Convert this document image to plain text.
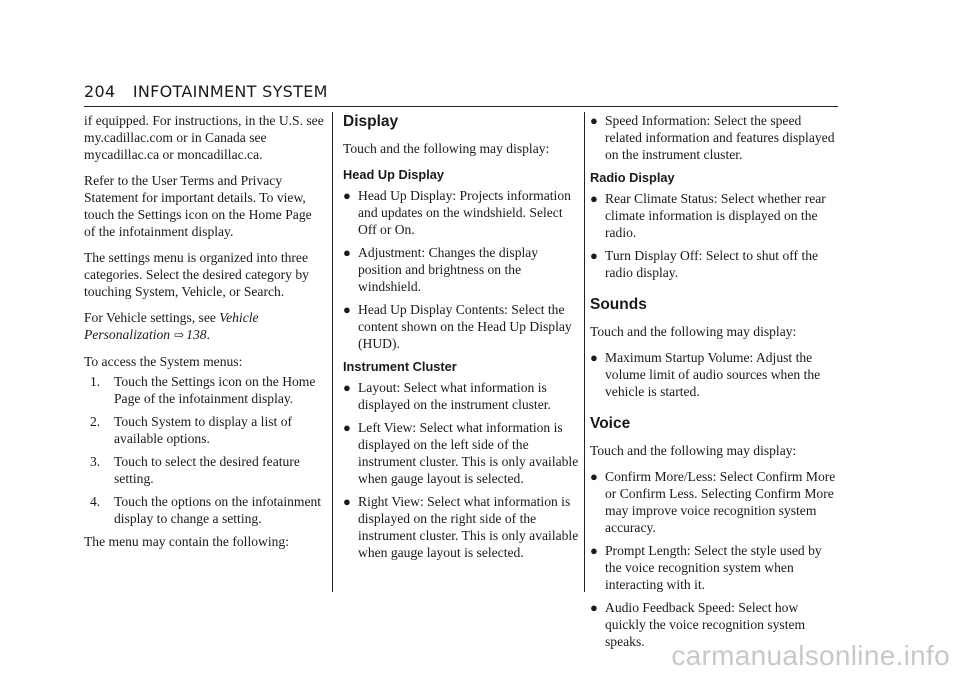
204 INFOTAINMENT SYSTEM

if equipped. For instructions, in the U.S. see my.cadillac.com or in Canada see mycadillac.ca or moncadillac.ca.

Refer to the User Terms and Privacy Statement for important details. To view, touch the Settings icon on the Home Page of the infotainment display.

The settings menu is organized into three categories. Select the desired category by touching System, Vehicle, or Search.

For Vehicle settings, see Vehicle Personalization ⇨ 138.

To access the System menus:

1. Touch the Settings icon on the Home Page of the infotainment display.
2. Touch System to display a list of available options.
3. Touch to select the desired feature setting.
4. Touch the options on the infotainment display to change a setting.

The menu may contain the following:

Display

Touch and the following may display:

Head Up Display
● Head Up Display: Projects information and updates on the windshield. Select Off or On.
● Adjustment: Changes the display position and brightness on the windshield.
● Head Up Display Contents: Select the content shown on the Head Up Display (HUD).
Instrument Cluster
● Layout: Select what information is displayed on the instrument cluster.
● Left View: Select what information is displayed on the left side of the instrument cluster. This is only available when gauge layout is selected.
● Right View: Select what information is displayed on the right side of the instrument cluster. This is only available when gauge layout is selected.
● Speed Information: Select the speed related information and features displayed on the instrument cluster.
Radio Display
● Rear Climate Status: Select whether rear climate information is displayed on the radio.
● Turn Display Off: Select to shut off the radio display.
Sounds

Touch and the following may display:

● Maximum Startup Volume: Adjust the volume limit of audio sources when the vehicle is started.
Voice

Touch and the following may display:

● Confirm More/Less: Select Confirm More or Confirm Less. Selecting Confirm More may improve voice recognition system accuracy.
● Prompt Length: Select the style used by the voice recognition system when interacting with it.
● Audio Feedback Speed: Select how quickly the voice recognition system speaks. carmanualsonline.info
